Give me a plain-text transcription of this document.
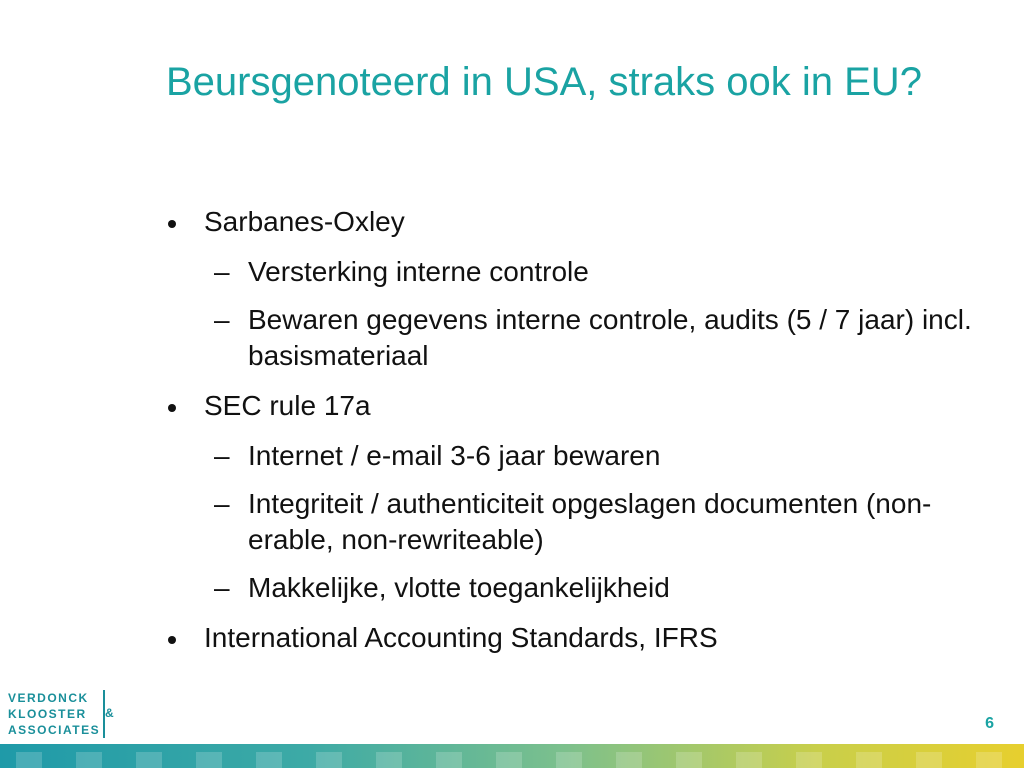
Beursgenoteerd in USA, straks ook in EU?
Sarbanes-Oxley
– Versterking interne controle
– Bewaren gegevens interne controle, audits (5 / 7 jaar) incl. basismateriaal
SEC rule 17a
– Internet / e-mail 3-6 jaar bewaren
– Integriteit / authenticiteit opgeslagen documenten (non-erable, non-rewriteable)
– Makkelijke, vlotte toegankelijkheid
International Accounting Standards, IFRS
VERDONCK
KLOOSTER
ASSOCIATES
&
6
